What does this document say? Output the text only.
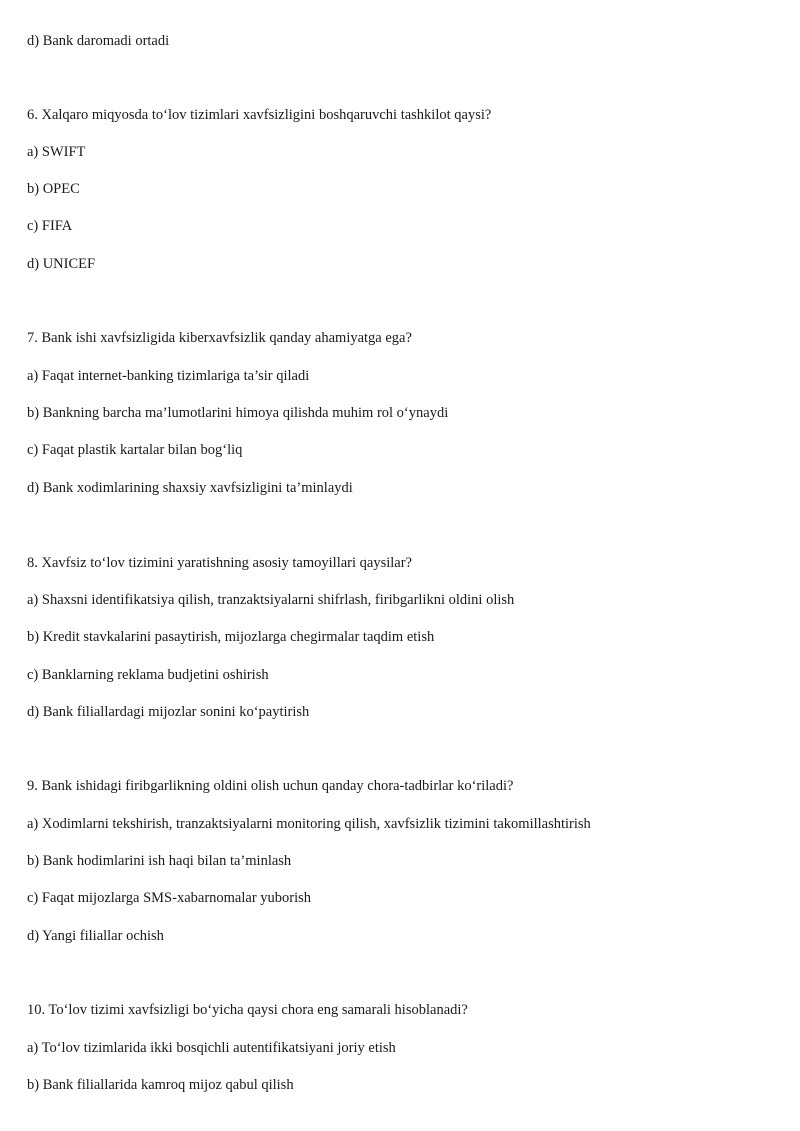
d) Bank daromadi ortadi

6. Xalqaro miqyosda to‘lov tizimlari xavfsizligini boshqaruvchi tashkilot qaysi?

a) SWIFT

b) OPEC

c) FIFA

d) UNICEF

7. Bank ishi xavfsizligida kiberxavfsizlik qanday ahamiyatga ega?

a) Faqat internet-banking tizimlariga ta’sir qiladi

b) Bankning barcha ma’lumotlarini himoya qilishda muhim rol o‘ynaydi

c) Faqat plastik kartalar bilan bog‘liq

d) Bank xodimlarining shaxsiy xavfsizligini ta’minlaydi

8. Xavfsiz to‘lov tizimini yaratishning asosiy tamoyillari qaysilar?

a) Shaxsni identifikatsiya qilish, tranzaktsiyalarni shifrlash, firibgarlikni oldini olish

b) Kredit stavkalarini pasaytirish, mijozlarga chegirmalar taqdim etish

c) Banklarning reklama budjetini oshirish

d) Bank filiallardagi mijozlar sonini ko‘paytirish

9. Bank ishidagi firibgarlikning oldini olish uchun qanday chora-tadbirlar ko‘riladi?

a) Xodimlarni tekshirish, tranzaktsiyalarni monitoring qilish, xavfsizlik tizimini takomillashtirish

b) Bank hodimlarini ish haqi bilan ta’minlash

c) Faqat mijozlarga SMS-xabarnomalar yuborish

d) Yangi filiallar ochish

10. To‘lov tizimi xavfsizligi bo‘yicha qaysi chora eng samarali hisoblanadi?

a) To‘lov tizimlarida ikki bosqichli autentifikatsiyani joriy etish

b) Bank filiallarida kamroq mijoz qabul qilish
